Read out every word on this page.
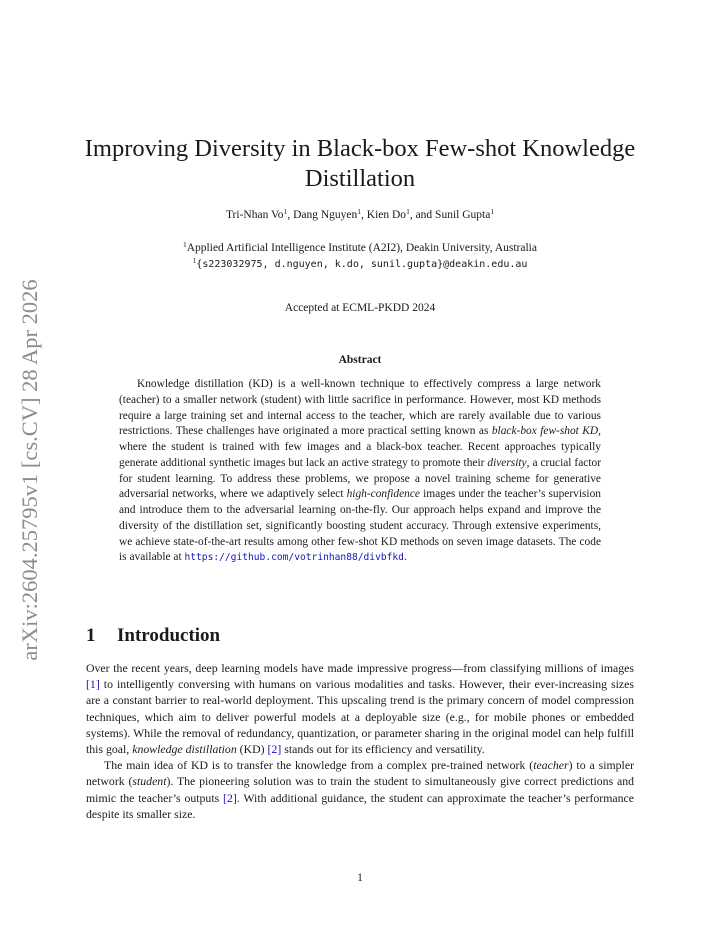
arXiv:2604.25795v1 [cs.CV] 28 Apr 2026
Improving Diversity in Black-box Few-shot Knowledge Distillation
Tri-Nhan Vo$^1$, Dang Nguyen$^1$, Kien Do$^1$, and Sunil Gupta$^1$
$^1$Applied Artificial Intelligence Institute (A2I2), Deakin University, Australia
$^1${s223032975, d.nguyen, k.do, sunil.gupta}@deakin.edu.au
Accepted at ECML-PKDD 2024
Abstract

Knowledge distillation (KD) is a well-known technique to effectively compress a large network (teacher) to a smaller network (student) with little sacrifice in performance. However, most KD methods require a large training set and internal access to the teacher, which are rarely available due to various restrictions. These challenges have originated a more practical setting known as black-box few-shot KD, where the student is trained with few images and a black-box teacher. Recent approaches typically generate additional synthetic images but lack an active strategy to promote their diversity, a crucial factor for student learning. To address these problems, we propose a novel training scheme for generative adversarial networks, where we adaptively select high-confidence images under the teacher’s supervision and introduce them to the adversarial learning on-the-fly. Our approach helps expand and improve the diversity of the distillation set, significantly boosting student accuracy. Through extensive experiments, we achieve state-of-the-art results among other few-shot KD methods on seven image datasets. The code is available at https://github.com/votrinhan88/divbfkd.

1 Introduction

Over the recent years, deep learning models have made impressive progress—from classifying millions of images [1] to intelligently conversing with humans on various modalities and tasks. However, their ever-increasing sizes are a constant barrier to real-world deployment. This upscaling trend is the primary concern of model compression techniques, which aim to deliver powerful models at a deployable size (e.g., for mobile phones or embedded systems). While the removal of redundancy, quantization, or parameter sharing in the original model can help fulfill this goal, knowledge distillation (KD) [2] stands out for its efficiency and versatility.

The main idea of KD is to transfer the knowledge from a complex pre-trained network (teacher) to a simpler network (student). The pioneering solution was to train the student to simultaneously give correct predictions and mimic the teacher’s outputs [2]. With additional guidance, the student can approximate the teacher’s performance despite its smaller size.

1
